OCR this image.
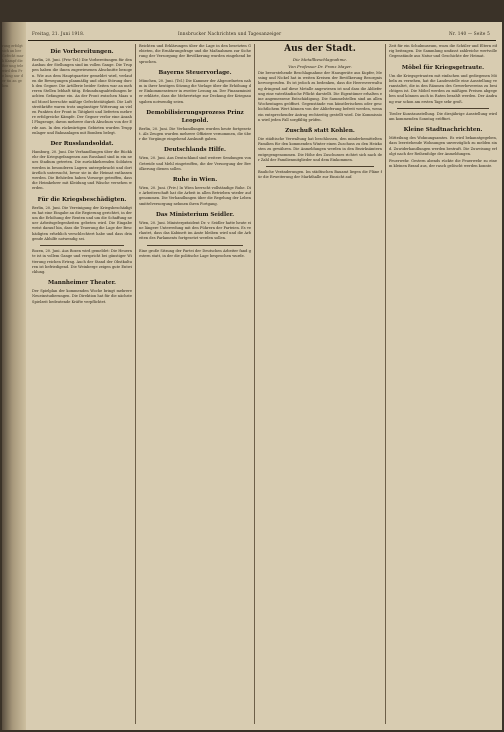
rung erfolgt sich an ber Gefecht mark Kampf die Ber ung tele wird den Pre lung nur der tin an ge ben
Freitag, 21. Juni 1918.	Innsbrucker Nachrichten und Tagesanzeiger	Nr. 140 — Seite 5
Die Vorbereitungen.

Berlin, 20. Juni. (Priv.-Tel.) Die Vorbereitungen für den Ausbau der Stellungen sind im vollen Gange. Die Truppen haben die ihnen zugewiesenen Abschnitte bezogen. Wie aus dem Hauptquartier gemeldet wird, verlaufen die Bewegungen planmäßig und ohne Störung durch den Gegner. Die Artillerie beider Seiten war an mehreren Stellen lebhaft tätig. Erkundungsabteilungen brachten Gefangene ein. An der Front zwischen Maas und Mosel herrschte mäßige Gefechtstätigkeit. Die Luftstreitkräfte waren trotz ungünstiger Witterung an vielen Punkten der Front in Tätigkeit und lieferten mehrere erfolgreiche Kämpfe. Der Gegner verlor eine Anzahl Flugzeuge, davon mehrere durch Abschuss von der Erde aus. In den rückwärtigen Gebieten wurden Truppenlager und Bahnanlagen mit Bomben belegt.

Der Russlandsoldat.

Hamburg, 20. Juni. Die Verhandlungen über die Rückkehr der Kriegsgefangenen aus Russland sind in ein neues Stadium getreten. Die zurückkehrenden Soldaten werden in besonderen Lagern untergebracht und dort ärztlich untersucht, bevor sie in die Heimat entlassen werden. Die Behörden haben Vorsorge getroffen, dass die Heimkehrer mit Kleidung und Wäsche versehen werden.

Für die Kriegsbeschädigten.

Berlin, 20. Juni. Die Vereinigung der Kriegsbeschädigten hat eine Eingabe an die Regierung gerichtet, in der um die Erhöhung der Renten und um die Schaffung neuer Arbeitsgelegenheiten gebeten wird. Die Eingabe weist darauf hin, dass die Teuerung die Lage der Beschädigten erheblich verschlechtert habe und dass dringende Abhilfe notwendig sei.

Bozen, 20. Juni. Aus Bozen wird gemeldet: Die Heuernte ist in vollem Gange und verspricht bei günstiger Witterung reichen Ertrag. Auch der Stand der Obstkulturen ist befriedigend. Die Weinberge zeigen gute Entwicklung.

Mannheimer Theater.

Der Spielplan der kommenden Woche bringt mehrere Neueinstudierungen. Die Direktion hat für die nächste Spielzeit bedeutende Kräfte verpflichtet.

Beichten und Erklärungen über die Lage in den besetzten Gebieten, die Ernährungsfrage und die Maßnahmen zur Sicherung der Versorgung der Bevölkerung wurden eingehend besprochen.

Bayerns Steuervorlage.

München, 20. Juni. (Tel.) Die Kammer der Abgeordneten nahm in ihrer heutigen Sitzung die Vorlage über die Erhöhung der Einkommensteuer in zweiter Lesung an. Der Finanzminister erklärte, dass die Mehrerträge zur Deckung der Kriegsausgaben notwendig seien.

Demobilisierungsprozess Prinz Leopold.

Berlin, 20. Juni. Die Verhandlungen wurden heute fortgesetzt. Als Zeugen wurden mehrere Offiziere vernommen, die über die Vorgänge eingehend Auskunft gaben.

Deutschlands Hilfe.

Wien, 20. Juni. Aus Deutschland sind weitere Sendungen von Getreide und Mehl eingetroffen, die der Versorgung der Bevölkerung dienen sollen.

Ruhe in Wien.

Wien, 20. Juni. (Priv.) In Wien herrscht vollständige Ruhe. Die Arbeiterschaft hat die Arbeit in allen Betrieben wieder aufgenommen. Die Verhandlungen über die Regelung der Lebensmittelversorgung nehmen ihren Fortgang.

Das Ministerium Seidler.

Wien, 20. Juni. Ministerpräsident Dr. v. Seidler hatte heute eine längere Unterredung mit den Führern der Parteien. Es verlautet, dass das Kabinett im Amte bleiben wird und die Arbeiten des Parlaments fortgesetzt werden sollen.

Eine große Sitzung der Partei der Deutschen Arbeiter fand gestern statt, in der die politische Lage besprochen wurde.

Aus der Stadt.
Die Metallbeschlagnahme.
Von Professor Dr. Franz Mayer.

Die bevorstehende Beschlagnahme der Hausgeräte aus Kupfer, Messing und Nickel hat in weiten Kreisen der Bevölkerung Besorgnis hervorgerufen. Es ist jedoch zu bedenken, dass die Heeresverwaltung dringend auf diese Metalle angewiesen ist und dass die Ablieferung eine vaterländische Pflicht darstellt. Die Eigentümer erhalten eine angemessene Entschädigung. Die Sammelstellen sind an allen Wochentagen geöffnet. Gegenstände von künstlerischem oder geschichtlichem Wert können von der Ablieferung befreit werden, wenn ein entsprechender Antrag rechtzeitig gestellt wird. Die Kommission wird jeden Fall sorgfältig prüfen.

Zuschuß statt Kohlen.

Die städtische Verwaltung hat beschlossen, den minderbemittelten Familien für den kommenden Winter einen Zuschuss zu den Heizkosten zu gewähren. Die Anmeldungen werden in den Bezirksämtern entgegengenommen. Die Höhe des Zuschusses richtet sich nach der Zahl der Familienmitglieder und dem Einkommen.

Bauliche Veränderungen. Im städtischen Bauamt liegen die Pläne für die Erweiterung der Markthalle zur Einsicht auf.

Zeit für ein Schulmuseum, wozu die Schüler und Eltern eifrig beitragen. Die Sammlung umfasst zahlreiche wertvolle Gegenstände aus Natur und Geschichte der Heimat.

Möbel für Kriegsgetraute.

Um die Kriegsgetrauten mit einfachen und gediegenen Möbeln zu versehen, hat die Landesstelle eine Ausstellung veranstaltet, die in den Räumen des Gewerbevereins zu besichtigen ist. Die Möbel werden zu mäßigen Preisen abgegeben und können auch in Raten bezahlt werden. Der Andrang war schon am ersten Tage sehr groß.

Tiroler Kunstausstellung. Die diesjährige Ausstellung wird am kommenden Sonntag eröffnet.

Kleine Stadtnachrichten.

Mitteilung des Wohnungsamtes. Es wird bekanntgegeben, dass leerstehende Wohnungen unverzüglich zu melden sind. Zuwiderhandlungen werden bestraft. Die Zuweisung erfolgt nach der Reihenfolge der Anmeldungen.

Feuerwehr. Gestern abends rückte die Feuerwehr zu einem kleinen Brand aus, der rasch gelöscht werden konnte.
